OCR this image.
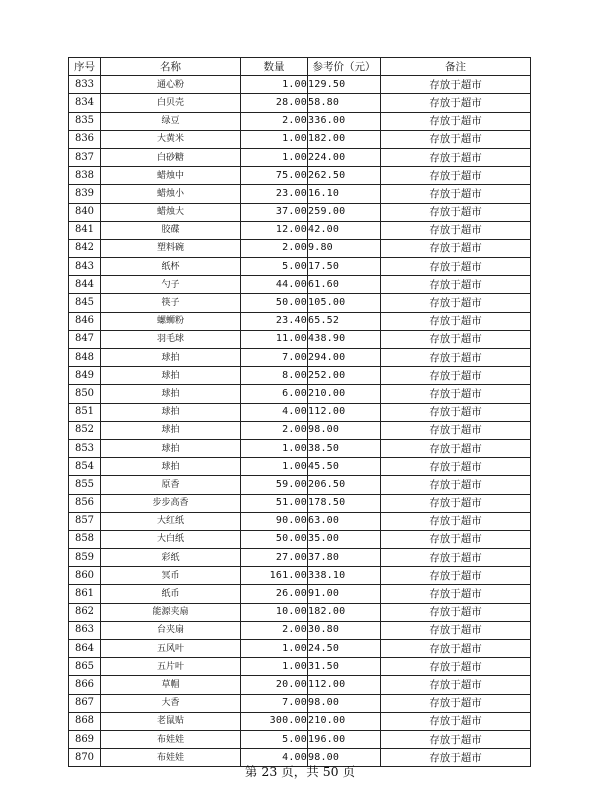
序号	名称	数量	参考价（元）	备注
833	通心粉	1.00	129.50	存放于超市
834	白贝壳	28.00	58.80	存放于超市
835	绿豆	2.00	336.00	存放于超市
836	大黄米	1.00	182.00	存放于超市
837	白砂糖	1.00	224.00	存放于超市
838	蜡烛中	75.00	262.50	存放于超市
839	蜡烛小	23.00	16.10	存放于超市
840	蜡烛大	37.00	259.00	存放于超市
841	胶碟	12.00	42.00	存放于超市
842	塑料碗	2.00	9.80	存放于超市
843	纸杯	5.00	17.50	存放于超市
844	勺子	44.00	61.60	存放于超市
845	筷子	50.00	105.00	存放于超市
846	螺蛳粉	23.40	65.52	存放于超市
847	羽毛球	11.00	438.90	存放于超市
848	球拍	7.00	294.00	存放于超市
849	球拍	8.00	252.00	存放于超市
850	球拍	6.00	210.00	存放于超市
851	球拍	4.00	112.00	存放于超市
852	球拍	2.00	98.00	存放于超市
853	球拍	1.00	38.50	存放于超市
854	球拍	1.00	45.50	存放于超市
855	原香	59.00	206.50	存放于超市
856	步步高香	51.00	178.50	存放于超市
857	大红纸	90.00	63.00	存放于超市
858	大白纸	50.00	35.00	存放于超市
859	彩纸	27.00	37.80	存放于超市
860	冥币	161.00	338.10	存放于超市
861	纸币	26.00	91.00	存放于超市
862	能源夹扇	10.00	182.00	存放于超市
863	台夹扇	2.00	30.80	存放于超市
864	五风叶	1.00	24.50	存放于超市
865	五片叶	1.00	31.50	存放于超市
866	草帽	20.00	112.00	存放于超市
867	大香	7.00	98.00	存放于超市
868	老鼠贴	300.00	210.00	存放于超市
869	布娃娃	5.00	196.00	存放于超市
870	布娃娃	4.00	98.00	存放于超市
第 23 页，共 50 页
